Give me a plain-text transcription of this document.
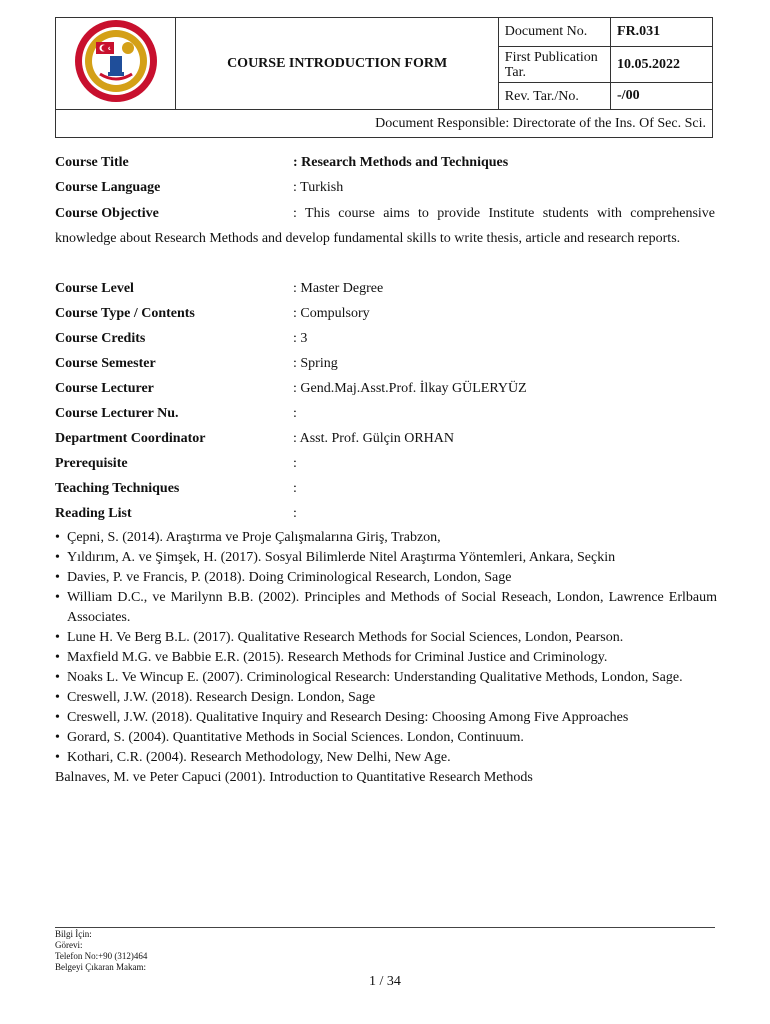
	COURSE INTRODUCTION FORM	Document No.	FR.031
		First Publication Tar.	10.05.2022
		Rev. Tar./No.	-/00
Document Responsible: Directorate of the Ins. Of Sec. Sci.			
Course Title	: Research Methods and Techniques
Course Language	: Turkish
Course Objective	: This course aims to provide Institute students with comprehensive knowledge about Research Methods and develop fundamental skills to write thesis, article and research reports.
Course Level	: Master Degree
Course Type / Contents	: Compulsory
Course Credits	: 3
Course Semester	: Spring
Course Lecturer	: Gend.Maj.Asst.Prof. İlkay GÜLERYÜZ
Course Lecturer Nu.	:
Department Coordinator	: Asst. Prof. Gülçin ORHAN
Prerequisite	:
Teaching Techniques	:
Reading List	:
• Çepni, S. (2014). Araştırma ve Proje Çalışmalarına Giriş, Trabzon,
• Yıldırım, A. ve Şimşek, H. (2017). Sosyal Bilimlerde Nitel Araştırma Yöntemleri, Ankara, Seçkin
• Davies, P. ve Francis, P. (2018). Doing Criminological Research, London, Sage
• William D.C., ve Marilynn B.B. (2002). Principles and Methods of Social Reseach, London, Lawrence Erlbaum Associates.
• Lune H. Ve Berg B.L. (2017). Qualitative Research Methods for Social Sciences, London, Pearson.
• Maxfield M.G. ve Babbie E.R. (2015). Research Methods for Criminal Justice and Criminology.
• Noaks L. Ve Wincup E. (2007). Criminological Research: Understanding Qualitative Methods, London, Sage.
• Creswell, J.W. (2018). Research Design. London, Sage
• Creswell, J.W. (2018). Qualitative Inquiry and Research Desing: Choosing Among Five Approaches
• Gorard, S. (2004). Quantitative Methods in Social Sciences. London, Continuum.
• Kothari, C.R. (2004). Research Methodology, New Delhi, New Age.
Balnaves, M. ve Peter Capuci (2001). Introduction to Quantitative Research Methods
Bilgi İçin:
Görevi:
Telefon No:+90 (312)464
Belgeyi Çıkaran Makam:
1 / 34
